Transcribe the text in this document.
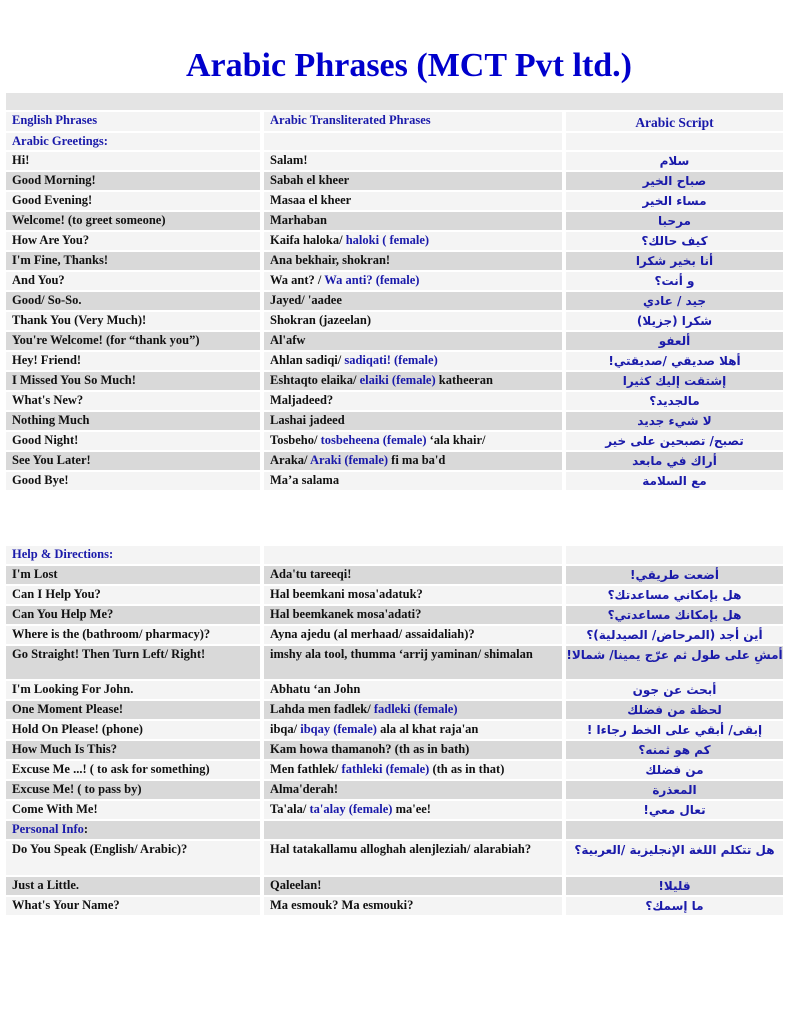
Arabic Phrases (MCT Pvt ltd.)
English Phrases	Arabic Transliterated Phrases	Arabic Script
Arabic Greetings:
Hi!	Salam!	سلام
Good Morning!	Sabah el kheer	صباح الخير
Good Evening!	Masaa el kheer	مساء الخير
Welcome! (to greet someone)	Marhaban	مرحبا
How Are You?	Kaifa haloka/ haloki ( female)	كيف حالك؟
I'm Fine, Thanks!	Ana bekhair, shokran!	أنا بخير شكرا
And You?	Wa ant? / Wa anti? (female)	و أنت؟
Good/ So-So.	Jayed/ 'aadee	جيد / عادي
Thank You (Very Much)!	Shokran (jazeelan)	شكرا (جزيلا)
You're Welcome! (for “thank you”)	Al'afw	ألعفو
Hey! Friend!	Ahlan sadiqi/ sadiqati! (female)	أهلا صديقي /صديقتي!
I Missed You So Much!	Eshtaqto elaika/ elaiki (female) katheeran	إشتقت إليك كثيرا
What's New?	Maljadeed?	مالجديد؟
Nothing Much	Lashai jadeed	لا شيء جديد
Good Night!	Tosbeho/ tosbeheena (female) ‘ala khair/	تصبح/ تصبحين على خير
See You Later!	Araka/ Araki (female) fi ma ba'd	أراك في مابعد
Good Bye!	Ma’a salama	مع السلامة
Help & Directions:
I'm Lost	Ada'tu tareeqi!	أضعت طريقي!
Can I Help You?	Hal beemkani mosa'adatuk?	هل بإمكاني مساعدتك؟
Can You Help Me?	Hal beemkanek mosa'adati?	هل بإمكانك مساعدتي؟
Where is the (bathroom/ pharmacy)?	Ayna ajedu (al merhaad/ assaidaliah)?	أين أجد (المرحاض/ الصيدلية)؟
Go Straight! Then Turn Left/ Right!	imshy ala tool, thumma ‘arrij yaminan/ shimalan	أمشِ على طول ثم عرّج يمينا/ شمالا!
I'm Looking For John.	Abhatu ‘an John	أبحث عن جون
One Moment Please!	Lahda men fadlek/ fadleki (female)	لحظة من فضلك
Hold On Please! (phone)	ibqa/ ibqay (female) ala al khat raja'an	إبقى/ أبقي على الخط رجاءا !
How Much Is This?	Kam howa thamanoh? (th as in bath)	كم هو ثمنه؟
Excuse Me ...! ( to ask for something)	Men fathlek/ fathleki (female) (th as in that)	من فضلك
Excuse Me! ( to pass by)	Alma'derah!	المعذرة
Come With Me!	Ta'ala/ ta'alay (female) ma'ee!	تعال معي!
Personal Info:
Do You Speak (English/ Arabic)?	Hal tatakallamu alloghah alenjleziah/ alarabiah?	هل تتكلم اللغة الإنجليزية /العربية؟
Just a Little.	Qaleelan!	قليلا!
What's Your Name?	Ma esmouk? Ma esmouki?	ما إسمك؟
